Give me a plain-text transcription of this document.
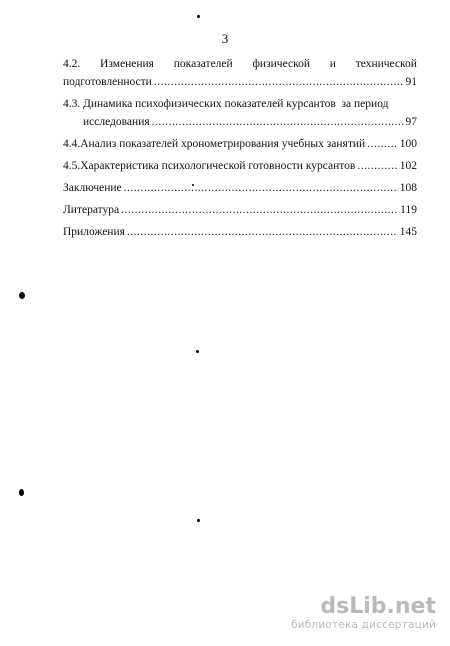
3
4.2. Изменения показателей физической и технической
подготовленности .....	91
4.3. Динамика психофизических показателей курсантов  за период
исследования .....	97
4.4. Анализ показателей хронометрирования учебных занятий .....	100
4.5. Характеристика психологической готовности курсантов .....	102
Заключение .....	108
Литература .....	119
Приложения .....	145
dsLib.net
библиотека диссертаций
